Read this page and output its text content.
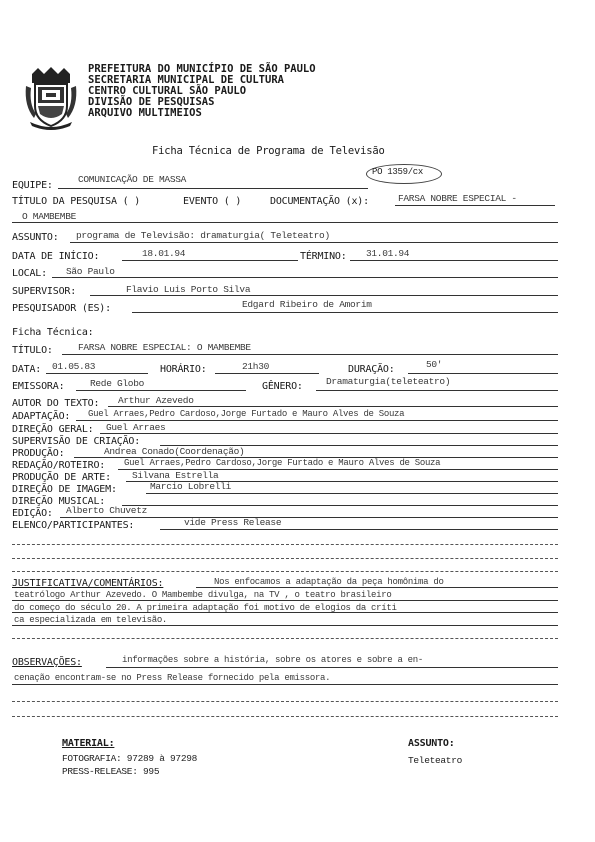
PREFEITURA DO MUNICÍPIO DE SÃO PAULO
SECRETARIA MUNICIPAL DE CULTURA
CENTRO CULTURAL SÃO PAULO
DIVISÃO DE PESQUISAS
ARQUIVO MULTIMEIOS
Ficha Técnica de Programa de Televisão
PO 1359/cx
EQUIPE:
COMUNICAÇÃO DE MASSA
TÍTULO DA PESQUISA ( )	EVENTO ( )	DOCUMENTAÇÃO (x):	FARSA NOBRE ESPECIAL -
O MAMBEMBE
ASSUNTO: programa de Televisão: dramaturgia( Teleteatro)
DATA DE INÍCIO:	18.01.94	TÉRMINO: 31.01.94
LOCAL: São Paulo
SUPERVISOR:	Flavio Luis Porto Silva
PESQUISADOR (ES):	Edgard Ribeiro de Amorim
Ficha Técnica:
TÍTULO:	FARSA NOBRE ESPECIAL: O MAMBEMBE
DATA: 01.05.83	HORÁRIO:	21h30	DURAÇÃO:	50'
EMISSORA:	Rede Globo	GÊNERO: Dramaturgia(teleteatro)
AUTOR DO TEXTO: Arthur Azevedo
ADAPTAÇÃO: Guel Arraes,Pedro Cardoso,Jorge Furtado e Mauro Alves de Souza
DIREÇÃO GERAL: Guel Arraes
SUPERVISÃO DE CRIAÇÃO:
PRODUÇÃO:	Andrea Conado(Coordenação)
REDAÇÃO/ROTEIRO: Guel Arraes,Pedro Cardoso,Jorge Furtado e Mauro Alves de Souza
PRODUÇÃO DE ARTE: Silvana Estrella
DIREÇÃO DE IMAGEM:	Marcio Lobrelli
DIREÇÃO MUSICAL:
EDIÇÃO: Alberto Chuvetz
ELENCO/PARTICIPANTES:	vide Press Release
JUSTIFICATIVA/COMENTÁRIOS:	Nos enfocamos a adaptação da peça homônima do
teatrólogo Arthur Azevedo. O Mambembe divulga, na TV , o teatro brasileiro
do começo do século 20. A primeira adaptação foi motivo de elogios da críti
ca especializada em televisão.
OBSERVAÇÕES:	informações sobre a história, sobre os atores e sobre a en-
cenação encontram-se no Press Release fornecido pela emissora.
MATERIAL:
FOTOGRAFIA: 97289 à 97298
PRESS-RELEASE: 995
ASSUNTO:
Teleteatro
